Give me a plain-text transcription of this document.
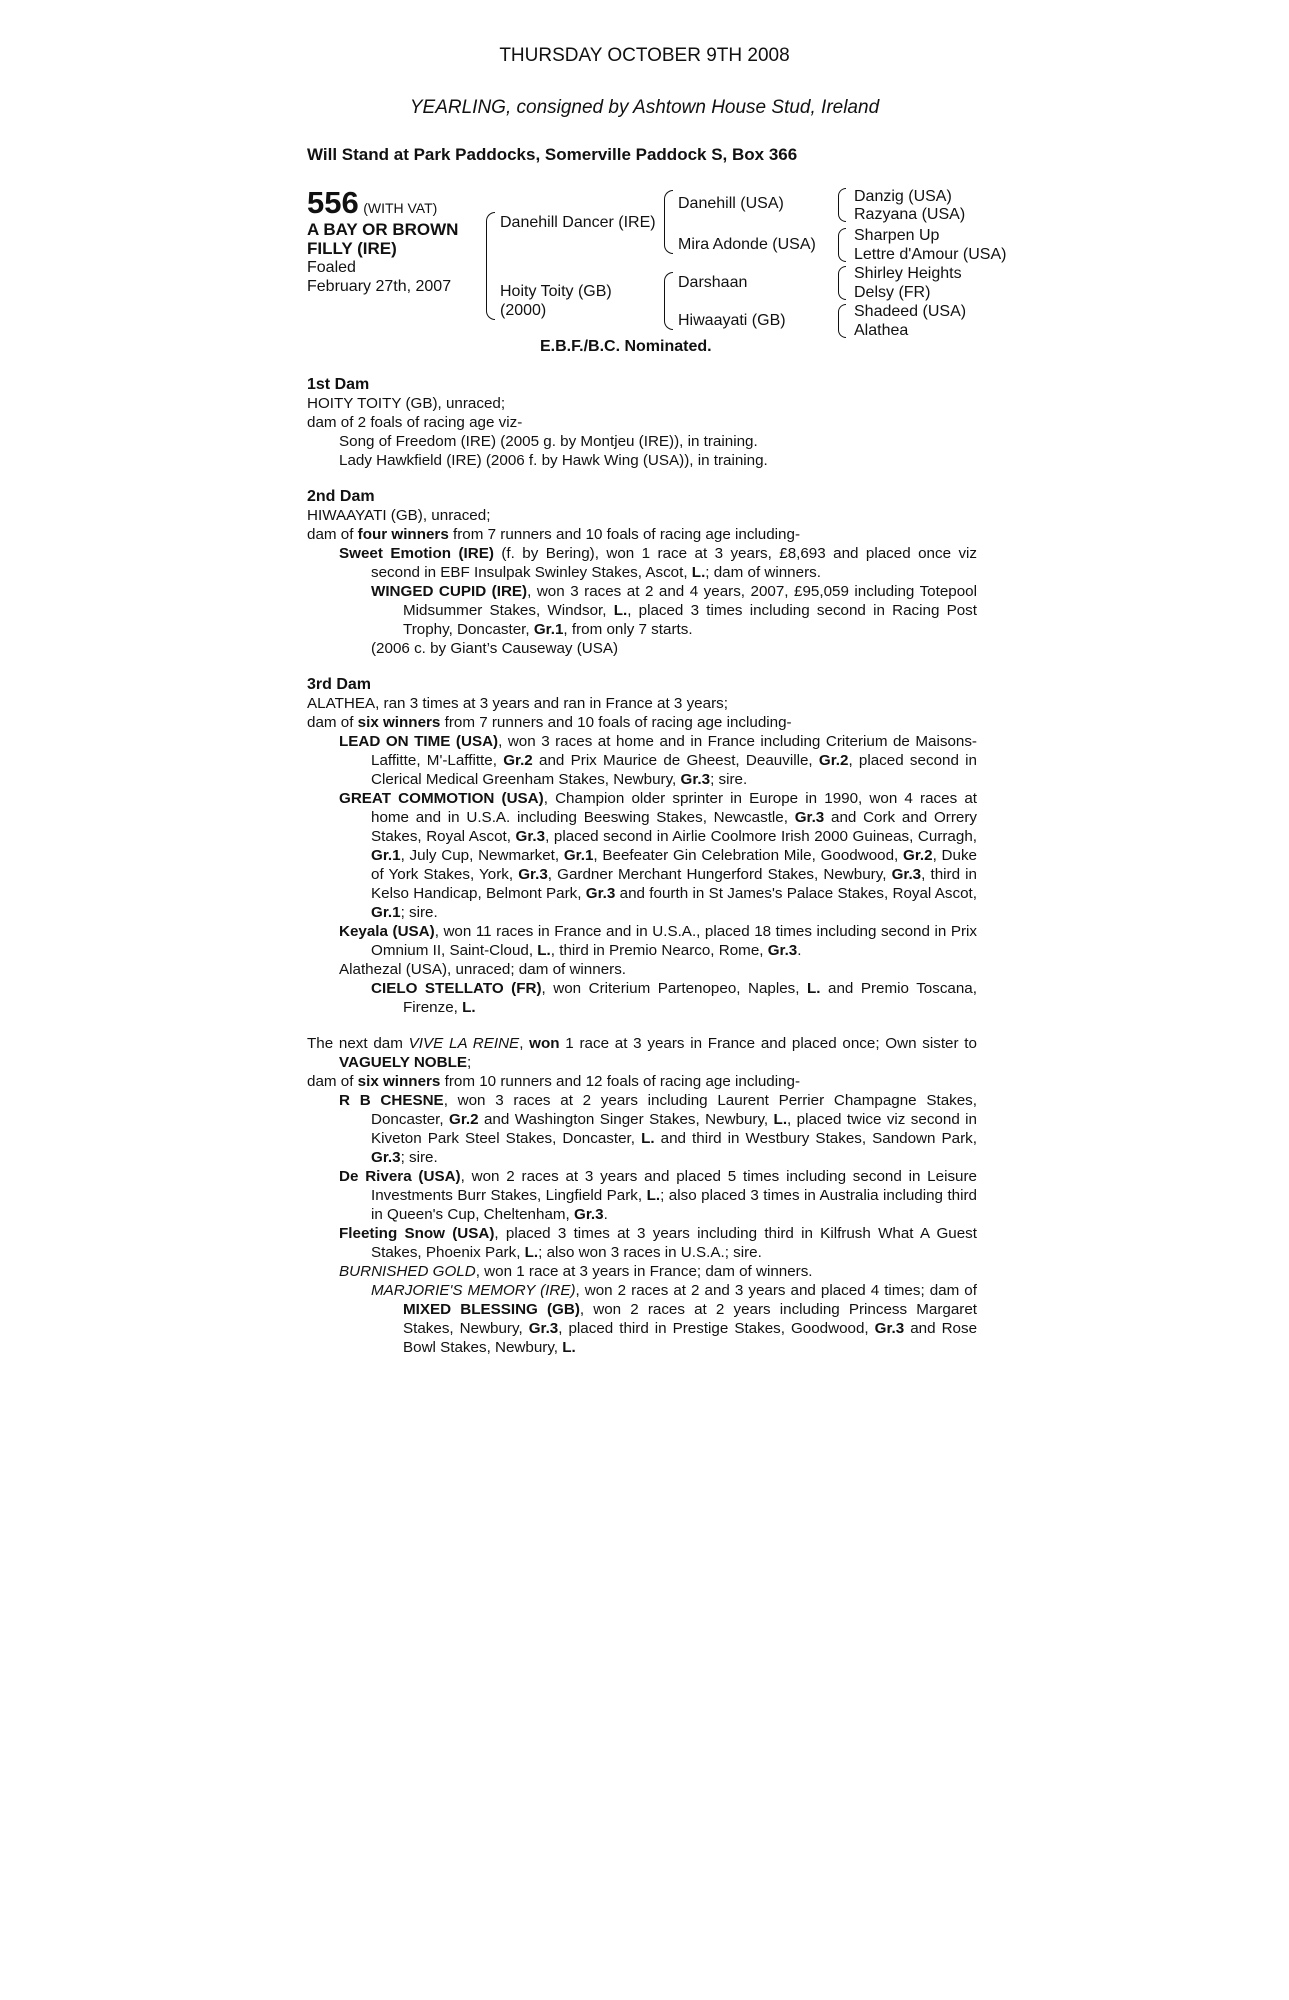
THURSDAY OCTOBER 9TH 2008
YEARLING, consigned by Ashtown House Stud, Ireland
Will Stand at Park Paddocks, Somerville Paddock S, Box 366
556 (WITH VAT)
A BAY OR BROWN
FILLY (IRE)
Foaled
February 27th, 2007
Danehill Dancer (IRE)
Hoity Toity (GB)
(2000)
Danehill (USA)
Mira Adonde (USA)
Darshaan
Hiwaayati (GB)
Danzig (USA)
Razyana (USA)
Sharpen Up
Lettre d'Amour (USA)
Shirley Heights
Delsy (FR)
Shadeed (USA)
Alathea
E.B.F./B.C. Nominated.
1st Dam
HOITY TOITY (GB), unraced;
dam of 2 foals of racing age viz-
Song of Freedom (IRE) (2005 g. by Montjeu (IRE)), in training.
Lady Hawkfield (IRE) (2006 f. by Hawk Wing (USA)), in training.
2nd Dam
HIWAAYATI (GB), unraced;
dam of four winners from 7 runners and 10 foals of racing age including-
Sweet Emotion (IRE) (f. by Bering), won 1 race at 3 years, £8,693 and placed once viz second in EBF Insulpak Swinley Stakes, Ascot, L.; dam of winners.
WINGED CUPID (IRE), won 3 races at 2 and 4 years, 2007, £95,059 including Totepool Midsummer Stakes, Windsor, L., placed 3 times including second in Racing Post Trophy, Doncaster, Gr.1, from only 7 starts.
(2006 c. by Giant’s Causeway (USA)
3rd Dam
ALATHEA, ran 3 times at 3 years and ran in France at 3 years;
dam of six winners from 7 runners and 10 foals of racing age including-
LEAD ON TIME (USA), won 3 races at home and in France including Criterium de Maisons-Laffitte, M'-Laffitte, Gr.2 and Prix Maurice de Gheest, Deauville, Gr.2, placed second in Clerical Medical Greenham Stakes, Newbury, Gr.3; sire.
GREAT COMMOTION (USA), Champion older sprinter in Europe in 1990, won 4 races at home and in U.S.A. including Beeswing Stakes, Newcastle, Gr.3 and Cork and Orrery Stakes, Royal Ascot, Gr.3, placed second in Airlie Coolmore Irish 2000 Guineas, Curragh, Gr.1, July Cup, Newmarket, Gr.1, Beefeater Gin Celebration Mile, Goodwood, Gr.2, Duke of York Stakes, York, Gr.3, Gardner Merchant Hungerford Stakes, Newbury, Gr.3, third in Kelso Handicap, Belmont Park, Gr.3 and fourth in St James's Palace Stakes, Royal Ascot, Gr.1; sire.
Keyala (USA), won 11 races in France and in U.S.A., placed 18 times including second in Prix Omnium II, Saint-Cloud, L., third in Premio Nearco, Rome, Gr.3.
Alathezal (USA), unraced; dam of winners.
CIELO STELLATO (FR), won Criterium Partenopeo, Naples, L. and Premio Toscana, Firenze, L.
The next dam VIVE LA REINE, won 1 race at 3 years in France and placed once; Own sister to VAGUELY NOBLE;
dam of six winners from 10 runners and 12 foals of racing age including-
R B CHESNE, won 3 races at 2 years including Laurent Perrier Champagne Stakes, Doncaster, Gr.2 and Washington Singer Stakes, Newbury, L., placed twice viz second in Kiveton Park Steel Stakes, Doncaster, L. and third in Westbury Stakes, Sandown Park, Gr.3; sire.
De Rivera (USA), won 2 races at 3 years and placed 5 times including second in Leisure Investments Burr Stakes, Lingfield Park, L.; also placed 3 times in Australia including third in Queen's Cup, Cheltenham, Gr.3.
Fleeting Snow (USA), placed 3 times at 3 years including third in Kilfrush What A Guest Stakes, Phoenix Park, L.; also won 3 races in U.S.A.; sire.
BURNISHED GOLD, won 1 race at 3 years in France; dam of winners.
MARJORIE'S MEMORY (IRE), won 2 races at 2 and 3 years and placed 4 times; dam of MIXED BLESSING (GB), won 2 races at 2 years including Princess Margaret Stakes, Newbury, Gr.3, placed third in Prestige Stakes, Goodwood, Gr.3 and Rose Bowl Stakes, Newbury, L.
